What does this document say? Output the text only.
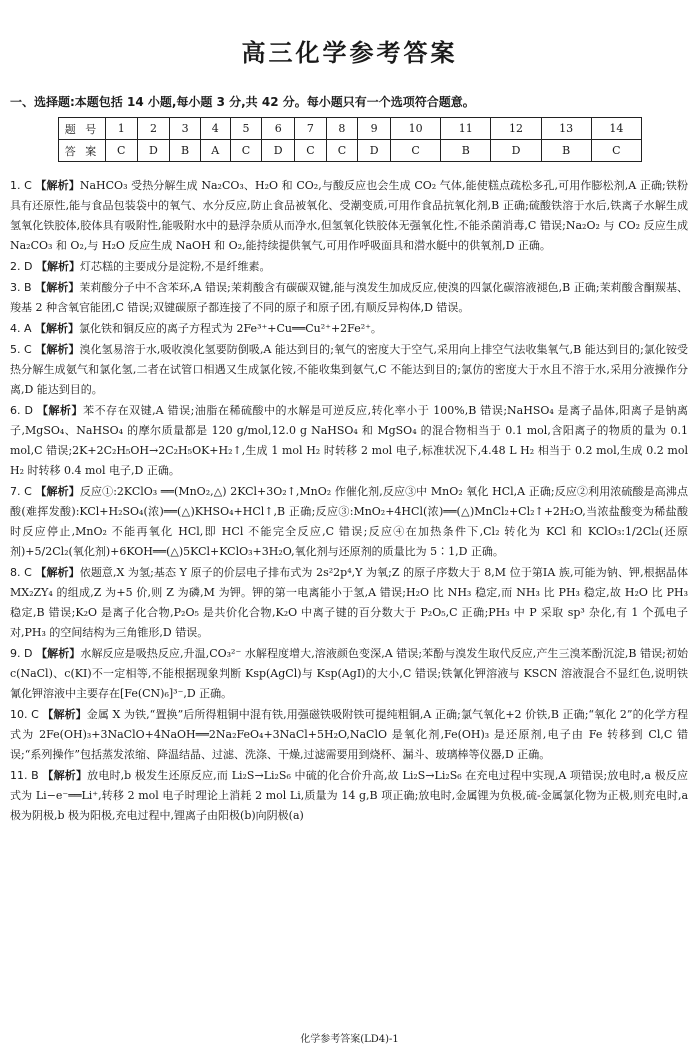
高三化学参考答案

一、选择题:本题包括 14 小题,每小题 3 分,共 42 分。每小题只有一个选项符合题意。

题 号	1	2	3	4	5	6	7	8	9	10	11	12	13	14
答 案	C	D	B	A	C	D	C	C	D	C	B	D	B	C

1. C 【解析】NaHCO₃ 受热分解生成 Na₂CO₃、H₂O 和 CO₂,与酸反应也会生成 CO₂ 气体,能使糕点疏松多孔,可用作膨松剂,A 正确;铁粉具有还原性,能与食品包装袋中的氧气、水分反应,防止食品被氧化、受潮变质,可用作食品抗氧化剂,B 正确;硫酸铁溶于水后,铁离子水解生成氢氧化铁胶体,胶体具有吸附性,能吸附水中的悬浮杂质从而净水,但氢氧化铁胶体无强氧化性,不能杀菌消毒,C 错误;Na₂O₂ 与 CO₂ 反应生成 Na₂CO₃ 和 O₂,与 H₂O 反应生成 NaOH 和 O₂,能持续提供氧气,可用作呼吸面具和潜水艇中的供氧剂,D 正确。

2. D 【解析】灯芯糕的主要成分是淀粉,不是纤维素。

3. B 【解析】茉莉酸分子中不含苯环,A 错误;茉莉酸含有碳碳双键,能与溴发生加成反应,使溴的四氯化碳溶液褪色,B 正确;茉莉酸含酮羰基、羧基 2 种含氧官能团,C 错误;双键碳原子都连接了不同的原子和原子团,有顺反异构体,D 错误。

4. A 【解析】氯化铁和铜反应的离子方程式为 2Fe³⁺+Cu══Cu²⁺+2Fe²⁺。

5. C 【解析】溴化氢易溶于水,吸收溴化氢要防倒吸,A 能达到目的;氧气的密度大于空气,采用向上排空气法收集氧气,B 能达到目的;氯化铵受热分解生成氨气和氯化氢,二者在试管口相遇又生成氯化铵,不能收集到氨气,C 不能达到目的;氯仿的密度大于水且不溶于水,采用分液操作分离,D 能达到目的。

6. D 【解析】苯不存在双键,A 错误;油脂在稀硫酸中的水解是可逆反应,转化率小于 100%,B 错误;NaHSO₄ 是离子晶体,阳离子是钠离子,MgSO₄、NaHSO₄ 的摩尔质量都是 120 g/mol,12.0 g NaHSO₄ 和 MgSO₄ 的混合物相当于 0.1 mol,含阳离子的物质的量为 0.1 mol,C 错误;2K+2C₂H₅OH→2C₂H₅OK+H₂↑,生成 1 mol H₂ 时转移 2 mol 电子,标准状况下,4.48 L H₂ 相当于 0.2 mol,生成 0.2 mol H₂ 时转移 0.4 mol 电子,D 正确。

7. C 【解析】反应①:2KClO₃ ══(MnO₂,△) 2KCl+3O₂↑,MnO₂ 作催化剂,反应③中 MnO₂ 氧化 HCl,A 正确;反应②利用浓硫酸是高沸点酸(难挥发酸):KCl+H₂SO₄(浓)══(△)KHSO₄+HCl↑,B 正确;反应③:MnO₂+4HCl(浓)══(△)MnCl₂+Cl₂↑+2H₂O,当浓盐酸变为稀盐酸时反应停止,MnO₂ 不能再氧化 HCl,即 HCl 不能完全反应,C 错误;反应④在加热条件下,Cl₂ 转化为 KCl 和 KClO₃:1/2Cl₂(还原剂)+5/2Cl₂(氧化剂)+6KOH══(△)5KCl+KClO₃+3H₂O,氧化剂与还原剂的质量比为 5∶1,D 正确。

8. C 【解析】依题意,X 为氢;基态 Y 原子的价层电子排布式为 2s²2p⁴,Y 为氧;Z 的原子序数大于 8,M 位于第ⅠA 族,可能为钠、钾,根据晶体 MX₂ZY₄ 的组成,Z 为+5 价,则 Z 为磷,M 为钾。钾的第一电离能小于氢,A 错误;H₂O 比 NH₃ 稳定,而 NH₃ 比 PH₃ 稳定,故 H₂O 比 PH₃ 稳定,B 错误;K₂O 是离子化合物,P₂O₅ 是共价化合物,K₂O 中离子键的百分数大于 P₂O₅,C 正确;PH₃ 中 P 采取 sp³ 杂化,有 1 个孤电子对,PH₃ 的空间结构为三角锥形,D 错误。

9. D 【解析】水解反应是吸热反应,升温,CO₃²⁻ 水解程度增大,溶液颜色变深,A 错误;苯酚与溴发生取代反应,产生三溴苯酚沉淀,B 错误;初始 c(NaCl)、c(KI)不一定相等,不能根据现象判断 Ksp(AgCl)与 Ksp(AgI)的大小,C 错误;铁氰化钾溶液与 KSCN 溶液混合不显红色,说明铁氰化钾溶液中主要存在[Fe(CN)₆]³⁻,D 正确。

10. C 【解析】金属 X 为铁,“置换”后所得粗铜中混有铁,用强磁铁吸附铁可提纯粗铜,A 正确;氯气氧化+2 价铁,B 正确;“氧化 2”的化学方程式为 2Fe(OH)₃+3NaClO+4NaOH══2Na₂FeO₄+3NaCl+5H₂O,NaClO 是氧化剂,Fe(OH)₃ 是还原剂,电子由 Fe 转移到 Cl,C 错误;“系列操作”包括蒸发浓缩、降温结晶、过滤、洗涤、干燥,过滤需要用到烧杯、漏斗、玻璃棒等仪器,D 正确。

11. B 【解析】放电时,b 极发生还原反应,而 Li₂S→Li₂S₆ 中硫的化合价升高,故 Li₂S→Li₂S₆ 在充电过程中实现,A 项错误;放电时,a 极反应式为 Li−e⁻══Li⁺,转移 2 mol 电子时理论上消耗 2 mol Li,质量为 14 g,B 项正确;放电时,金属锂为负极,硫-金属氯化物为正极,则充电时,a 极为阴极,b 极为阳极,充电过程中,锂离子由阳极(b)向阴极(a)

化学参考答案(LD4)-1
